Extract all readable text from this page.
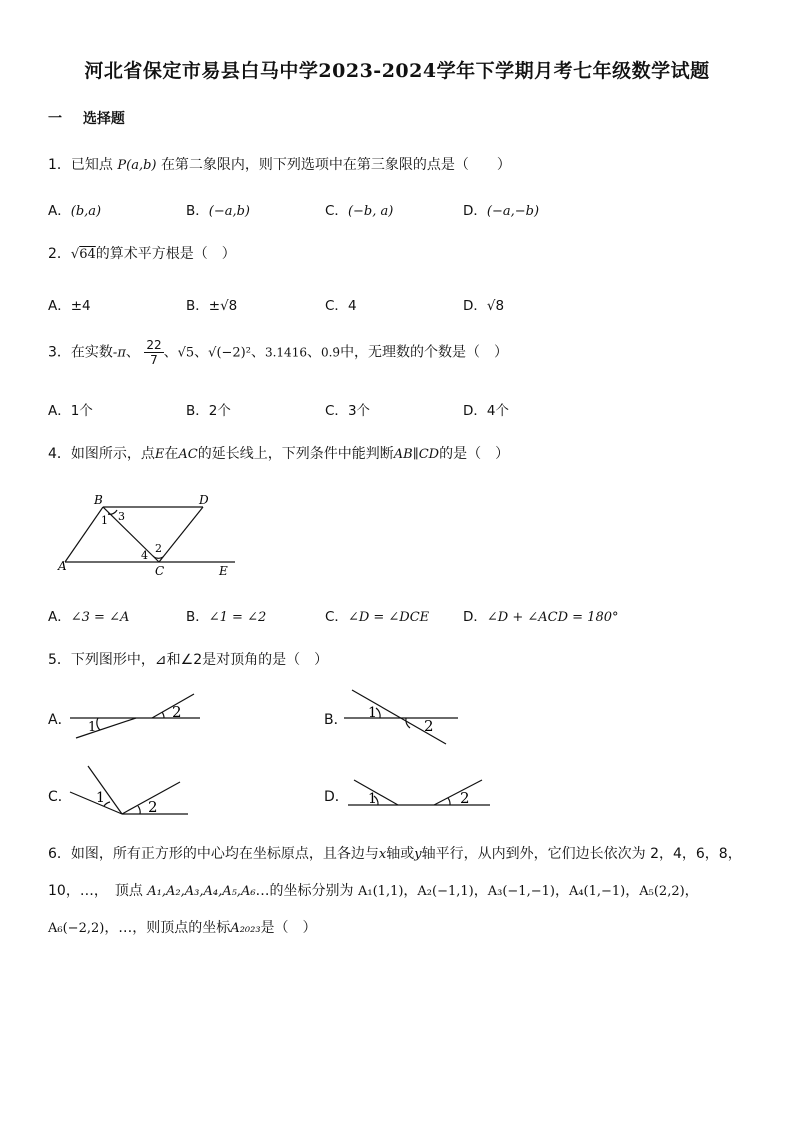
河北省保定市易县白马中学2023-2024学年下学期月考七年级数学试题
一 选择题
1．已知点 P(a,b) 在第二象限内，则下列选项中在第三象限的点是（　　）
A．(b,a)	B．(−a,b)	C．(−b, a)	D．(−a,−b)
2．√64的算术平方根是（　）
A．±4	B．±√8	C．4	D．√8
3．在实数-π、 $\frac{22}{7}$ 、√5、√(−2)²、3.1416、0.9̇中，无理数的个数是（　）
A．1个	B．2个	C．3个	D．4个
4．如图所示，点E在AC的延长线上，下列条件中能判断AB∥CD的是（　）
B	D
A	C	E
1 3
2
4
A．∠3 = ∠A	B．∠1 = ∠2	C．∠D = ∠DCE	D．∠D + ∠ACD = 180°
5．下列图形中，⊿和∠2是对顶角的是（　）
A． 1
2	B． 1
2
C． 1	2
D． 1	2
6．如图，所有正方形的中心均在坐标原点，且各边与x轴或y轴平行，从内到外，它们边长依次为 2，4，6，8，
10，…，　顶点 A₁,A₂,A₃,A₄,A₅,A₆…的坐标分别为 A₁(1,1)，A₂(−1,1)，A₃(−1,−1)，A₄(1,−1)，A₅(2,2)，
A₆(−2,2)，…，则顶点的坐标A₂₀₂₃是（　）
